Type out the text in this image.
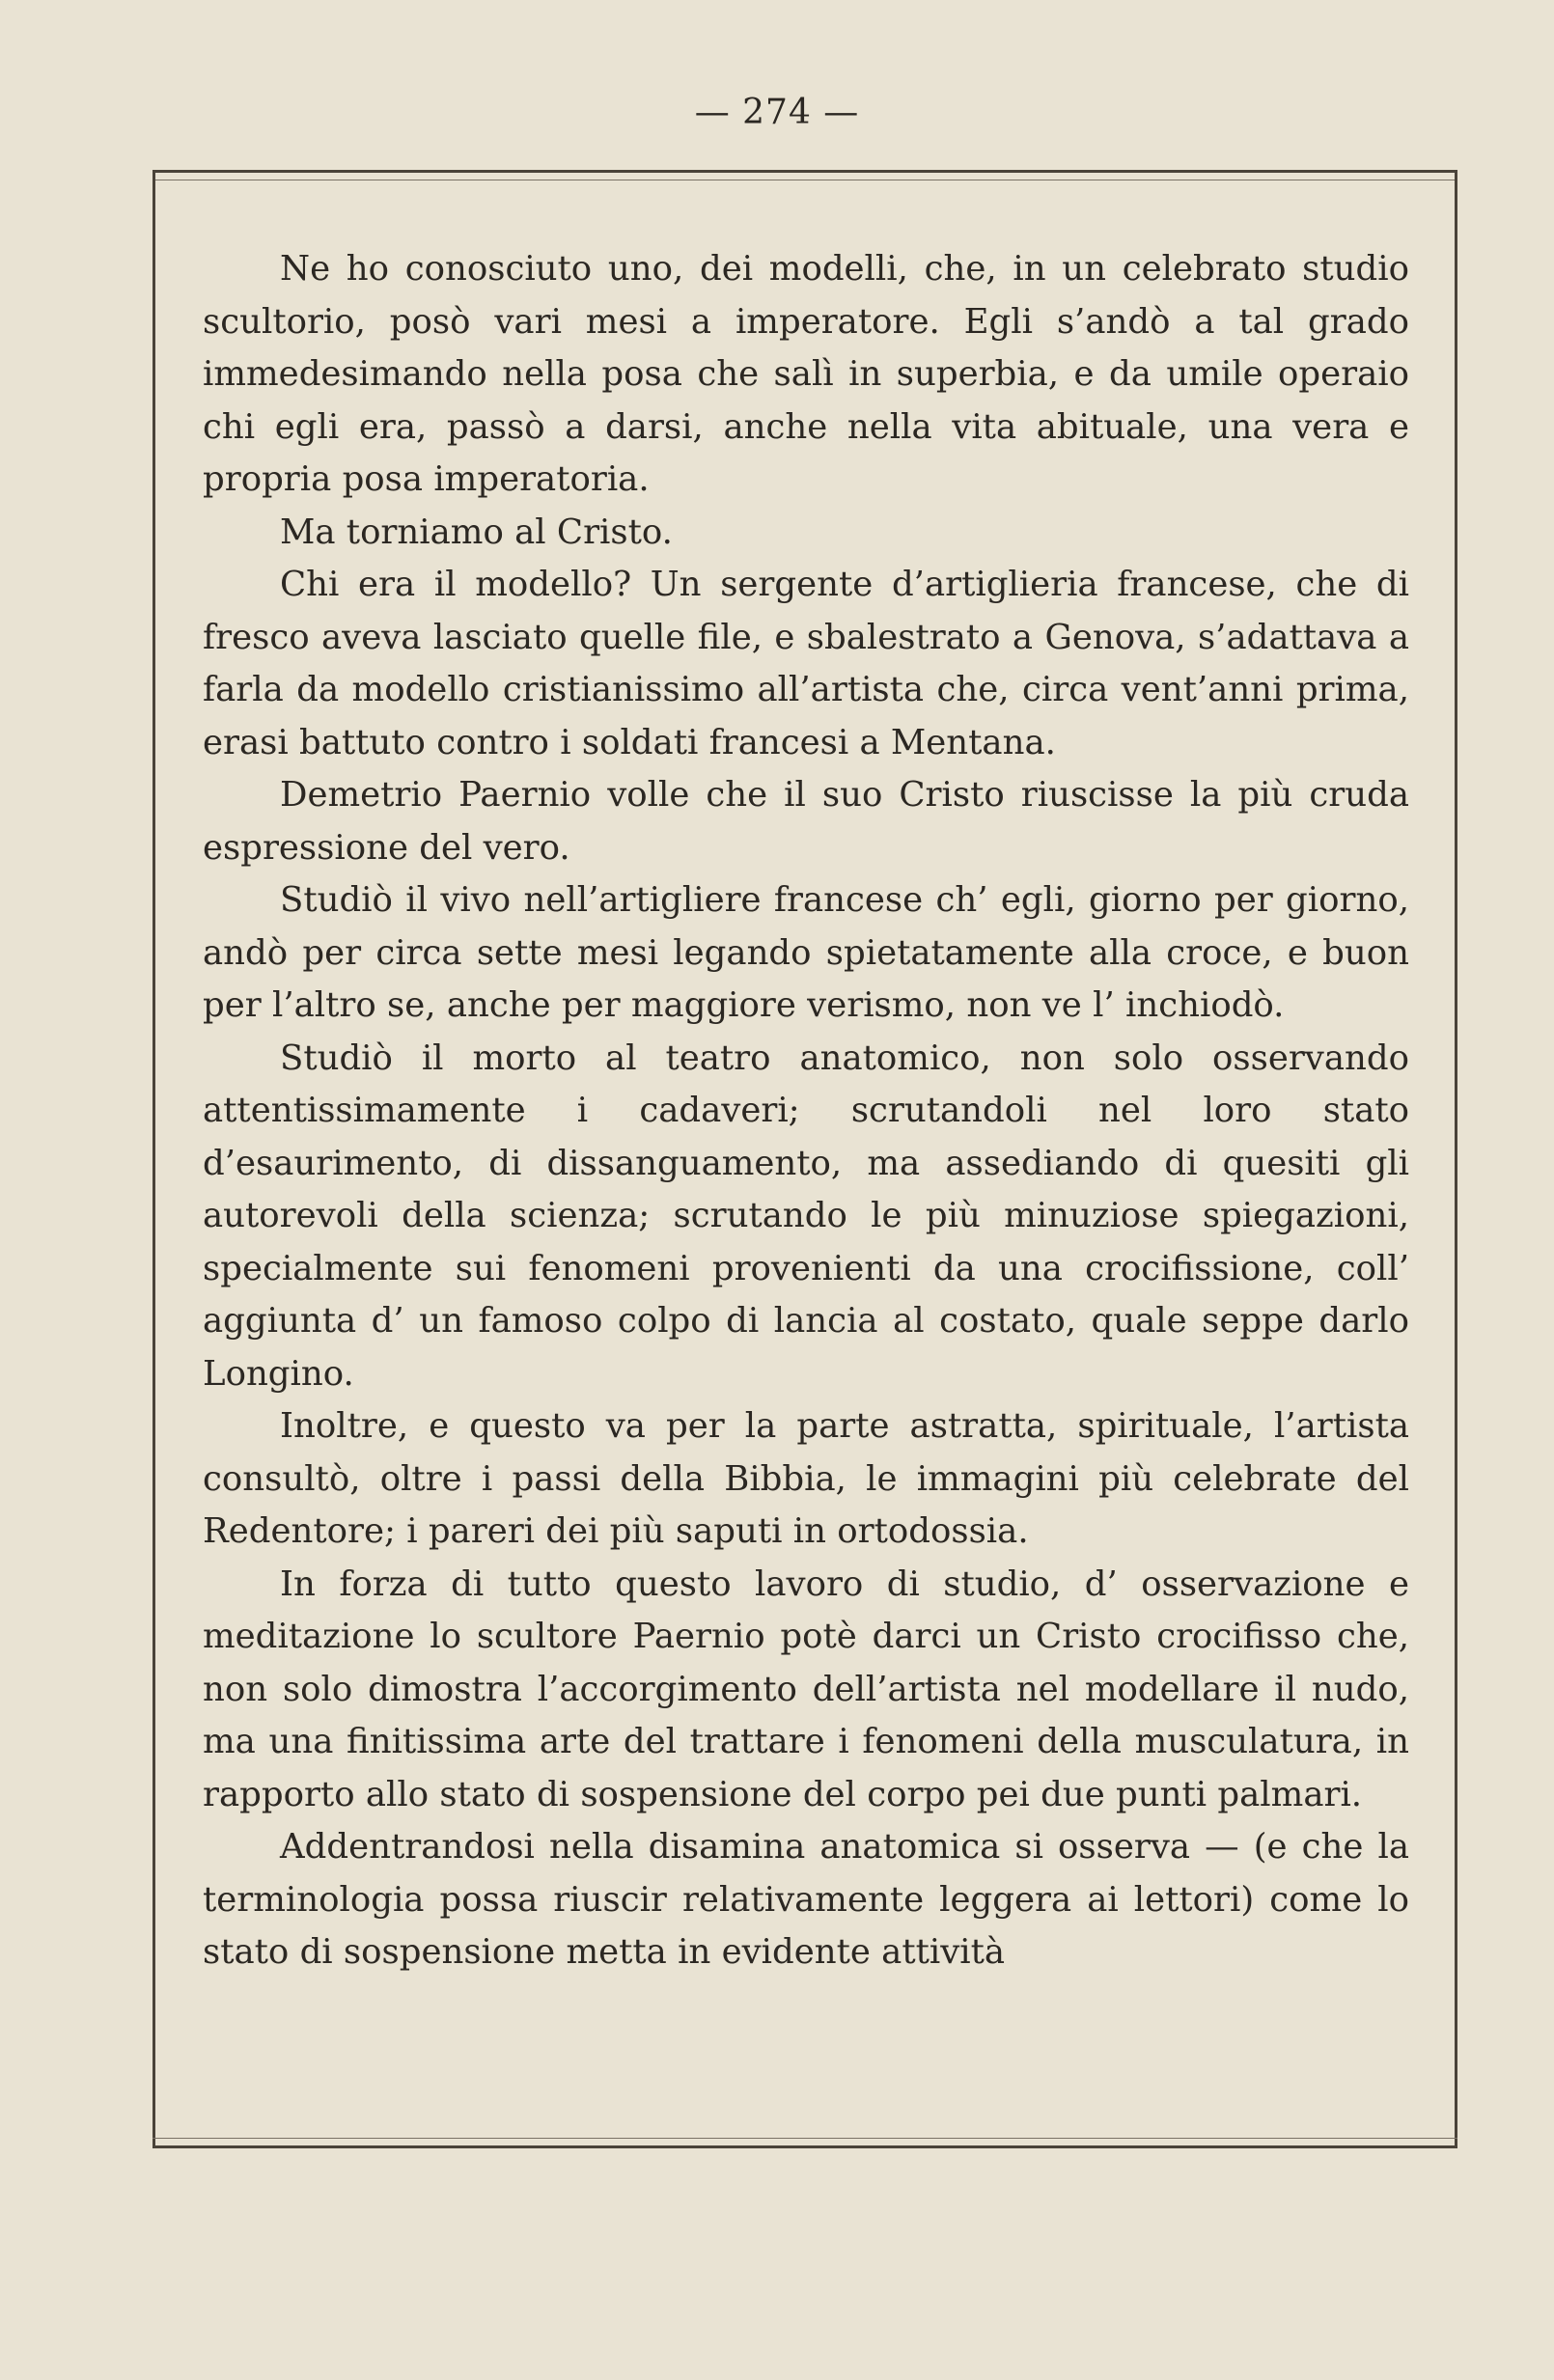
— 274 —

Ne ho conosciuto uno, dei modelli, che, in un celebrato studio scultorio, posò vari mesi a imperatore. Egli s’andò a tal grado immedesimando nella posa che salì in superbia, e da umile operaio chi egli era, passò a darsi, anche nella vita abituale, una vera e propria posa imperatoria.

Ma torniamo al Cristo.

Chi era il modello? Un sergente d’artiglieria francese, che di fresco aveva lasciato quelle file, e sbalestrato a Genova, s’adattava a farla da modello cristianissimo all’artista che, circa vent’anni prima, erasi battuto contro i soldati francesi a Mentana.

Demetrio Paernio volle che il suo Cristo riuscisse la più cruda espressione del vero.

Studiò il vivo nell’artigliere francese ch’ egli, giorno per giorno, andò per circa sette mesi legando spietatamente alla croce, e buon per l’altro se, anche per maggiore verismo, non ve l’ inchiodò.

Studiò il morto al teatro anatomico, non solo osservando attentissimamente i cadaveri; scrutandoli nel loro stato d’esaurimento, di dissanguamento, ma assediando di quesiti gli autorevoli della scienza; scrutando le più minuziose spiegazioni, specialmente sui fenomeni provenienti da una crocifissione, coll’ aggiunta d’ un famoso colpo di lancia al costato, quale seppe darlo Longino.

Inoltre, e questo va per la parte astratta, spirituale, l’artista consultò, oltre i passi della Bibbia, le immagini più celebrate del Redentore; i pareri dei più saputi in ortodossia.

In forza di tutto questo lavoro di studio, d’ osservazione e meditazione lo scultore Paernio potè darci un Cristo crocifisso che, non solo dimostra l’accorgimento dell’artista nel modellare il nudo, ma una finitissima arte del trattare i fenomeni della musculatura, in rapporto allo stato di sospensione del corpo pei due punti palmari.

Addentrandosi nella disamina anatomica si osserva — (e che la terminologia possa riuscir relativamente leggera ai lettori) come lo stato di sospensione metta in evidente attività
